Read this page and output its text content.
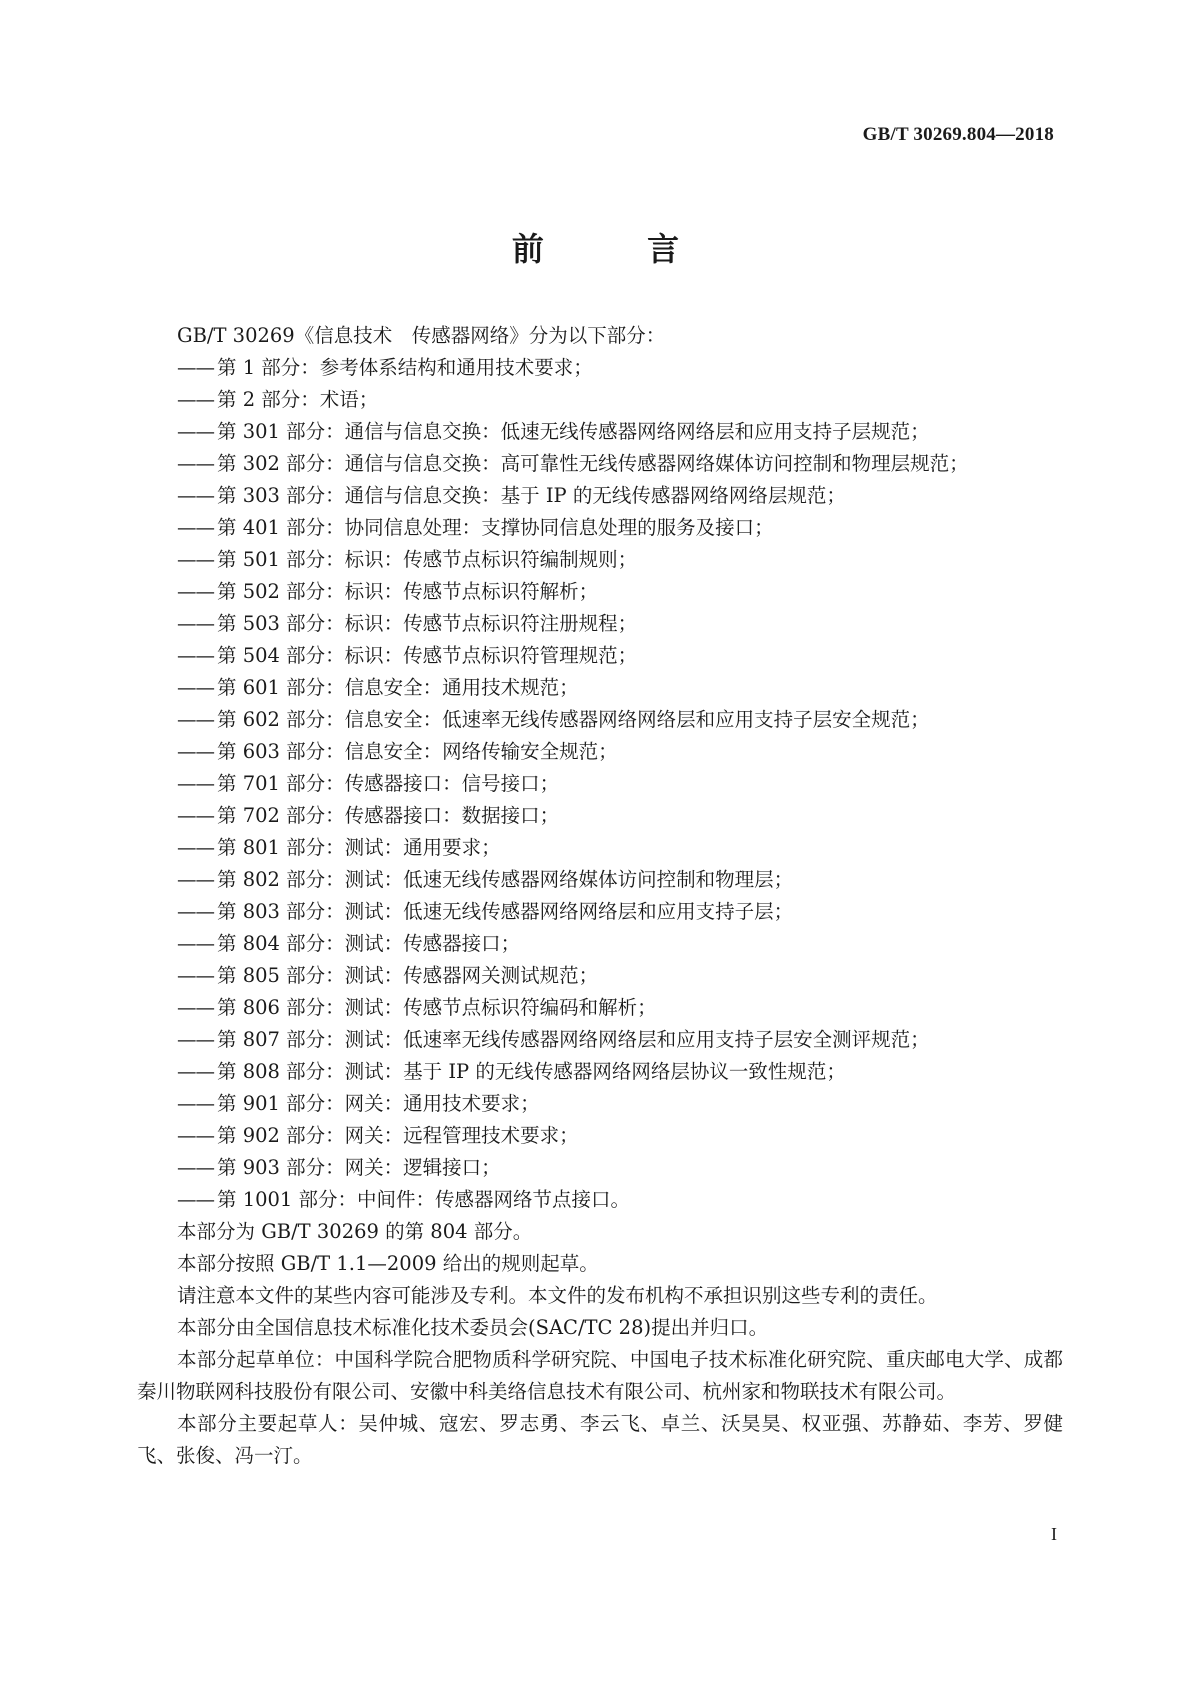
GB/T 30269.804—2018
前 言

GB/T 30269《信息技术　传感器网络》分为以下部分：

—— 第 1 部分：参考体系结构和通用技术要求；

—— 第 2 部分：术语；

—— 第 301 部分：通信与信息交换：低速无线传感器网络网络层和应用支持子层规范；

—— 第 302 部分：通信与信息交换：高可靠性无线传感器网络媒体访问控制和物理层规范；

—— 第 303 部分：通信与信息交换：基于 IP 的无线传感器网络网络层规范；

—— 第 401 部分：协同信息处理：支撑协同信息处理的服务及接口；

—— 第 501 部分：标识：传感节点标识符编制规则；

—— 第 502 部分：标识：传感节点标识符解析；

—— 第 503 部分：标识：传感节点标识符注册规程；

—— 第 504 部分：标识：传感节点标识符管理规范；

—— 第 601 部分：信息安全：通用技术规范；

—— 第 602 部分：信息安全：低速率无线传感器网络网络层和应用支持子层安全规范；

—— 第 603 部分：信息安全：网络传输安全规范；

—— 第 701 部分：传感器接口：信号接口；

—— 第 702 部分：传感器接口：数据接口；

—— 第 801 部分：测试：通用要求；

—— 第 802 部分：测试：低速无线传感器网络媒体访问控制和物理层；

—— 第 803 部分：测试：低速无线传感器网络网络层和应用支持子层；

—— 第 804 部分：测试：传感器接口；

—— 第 805 部分：测试：传感器网关测试规范；

—— 第 806 部分：测试：传感节点标识符编码和解析；

—— 第 807 部分：测试：低速率无线传感器网络网络层和应用支持子层安全测评规范；

—— 第 808 部分：测试：基于 IP 的无线传感器网络网络层协议一致性规范；

—— 第 901 部分：网关：通用技术要求；

—— 第 902 部分：网关：远程管理技术要求；

—— 第 903 部分：网关：逻辑接口；

—— 第 1001 部分：中间件：传感器网络节点接口。

本部分为 GB/T 30269 的第 804 部分。

本部分按照 GB/T 1.1—2009 给出的规则起草。

请注意本文件的某些内容可能涉及专利。本文件的发布机构不承担识别这些专利的责任。

本部分由全国信息技术标准化技术委员会(SAC/TC 28)提出并归口。

本部分起草单位：中国科学院合肥物质科学研究院、中国电子技术标准化研究院、重庆邮电大学、成都秦川物联网科技股份有限公司、安徽中科美络信息技术有限公司、杭州家和物联技术有限公司。

本部分主要起草人：吴仲城、寇宏、罗志勇、李云飞、卓兰、沃昊昊、权亚强、苏静茹、李芳、罗健飞、张俊、冯一汀。

I
